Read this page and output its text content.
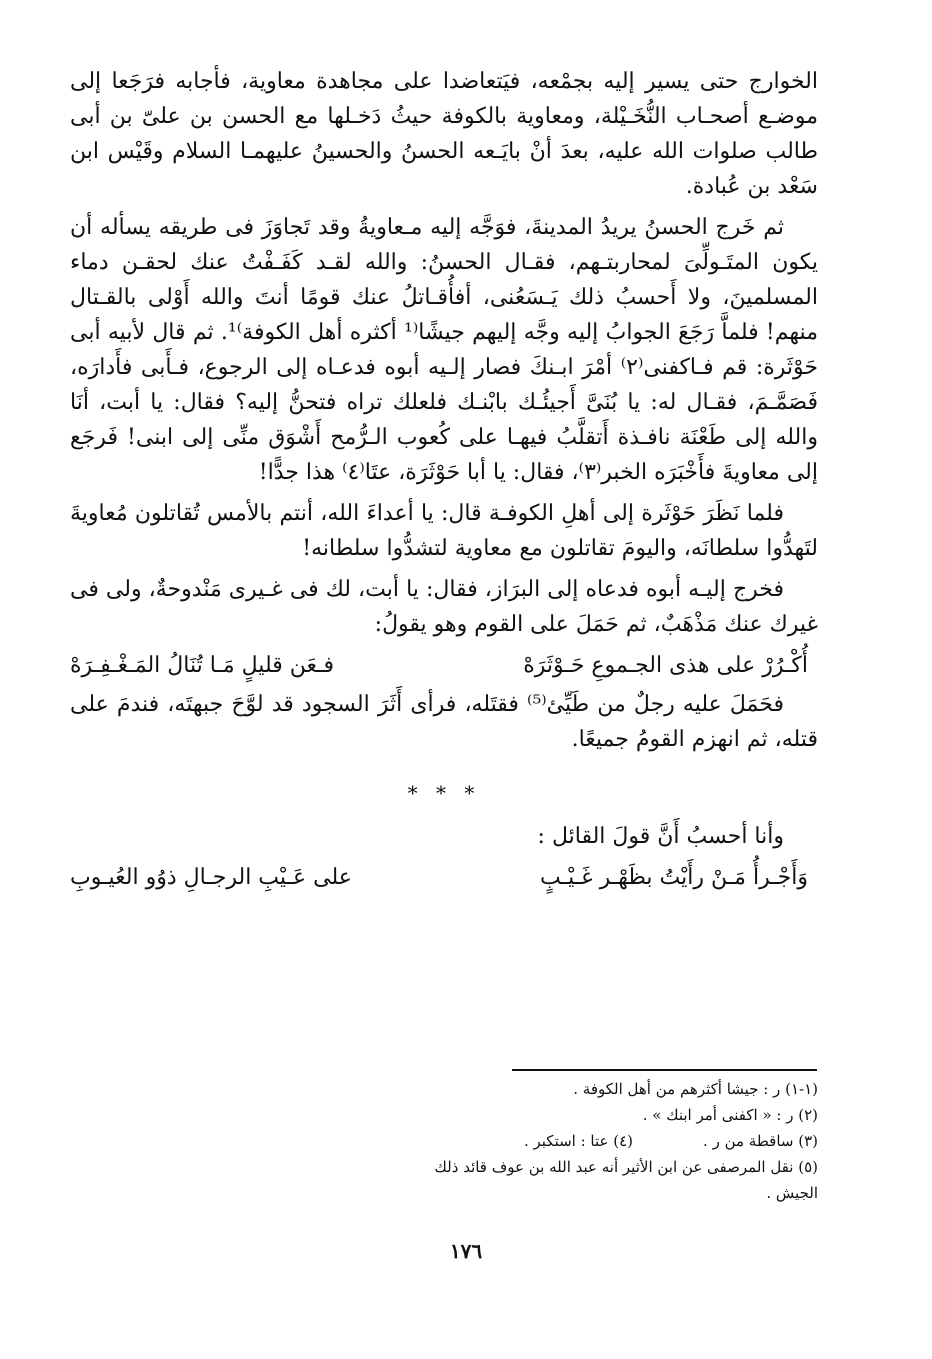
الخوارج حتى يسير إليه بجمْعه، فيَتعاضدا على مجاهدة معاوية، فأجابه فرَجَعا إلى موضـع أصحـاب النُّخَـيْلة، ومعاوية بالكوفة حيثُ دَخـلها مع الحسن بن علىّ بن أبى طالب صلوات الله عليه، بعدَ أنْ بايَـعه الحسنُ والحسينُ عليهمـا السلام وقَيْس ابن سَعْد بن عُبادة.

ثم خَرج الحسنُ يريدُ المدينةَ، فوَجَّه إليه مـعاويةُ وقد تَجاوَزَ فى طريقه يسأله أن يكون المتَـولِّىَ لمحاربتـهم، فقـال الحسنُ: والله لقـد كَفَـفْتُ عنك لحقـن دماء المسلمينَ، ولا أَحسبُ ذلك يَـسَعُنى، أفأُقـاتلُ عنك قومًا أنتَ والله أَوْلى بالقـتال منهم! فلماَّ رَجَعَ الجوابُ إليه وجَّه إليهم جيشًا⁽¹ أكثره أهل الكوفة⁾¹. ثم قال لأبيه أبى حَوْثَرة: قم فـاكفنى⁽٢⁾ أمْرَ ابـنكَ فصار إلـيه أبوه فدعـاه إلى الرجوع، فـأَبى فأَدارَه، فَصَمَّـمَ، فقـال له: يا بُنَىَّ أَجيئُـك بابْنـك فلعلك تراه فتحنُّ إليه؟ فقال: يا أبت، أنَا والله إلى طَعْنَة نافـذة أَتقلَّبُ فيهـا على كُعوب الـرُّمح أَشْوَق منِّى إلى ابنى! فَرجَع إلى معاويةَ فأَخْبَرَه الخبر⁽٣⁾، فقال: يا أبا حَوْثَرَة، عتَا⁽٤⁾ هذا جدًّا!

فلما نَظَرَ حَوْثَرة إلى أهلِ الكوفـة قال: يا أعداءَ الله، أنتم بالأمس تُقاتلون مُعاويةَ لتَهدُّوا سلطانَه، واليومَ تقاتلون مع معاوية لتشدُّوا سلطانه!

فخرج إليـه أبوه فدعاه إلى البرَاز، فقال: يا أبت، لك فى غـيرى مَنْدوحةٌ، ولى فى غيرك عنك مَذْهَبٌ، ثم حَمَلَ على القوم وهو يقولُ:

أُكْـرُرْ على هذى الجـموعِ حَـوْثَرَهْ
فـعَن قليلٍ مَـا تُنَالُ المَـغْـفِـرَهْ

فحَمَلَ عليه رجلٌ من طَيِّئ⁽⁵⁾ فقتَله، فرأى أَثَرَ السجود قد لوَّحَ جبهتَه، فندمَ على قتله، ثم انهزم القومُ جميعًا.

* * *

وأنا أحسبُ أَنَّ قولَ القائل :

وَأَجْـرأُ مَـنْ رأَيْتُ بظَهْـر غَـيْـبٍ
على عَـيْبِ الرجـالِ ذوُو العُيـوبِ
(١-١) ر : جيشا أكثرهم من أهل الكوفة .
(٢) ر : « اكفنى أمر ابنك » .
(٣) ساقطة من ر .
(٤) عتا : استكبر .
(٥) نقل المرصفى عن ابن الأثير أنه عبد الله بن عوف قائد ذلك الجيش .
١٧٦
